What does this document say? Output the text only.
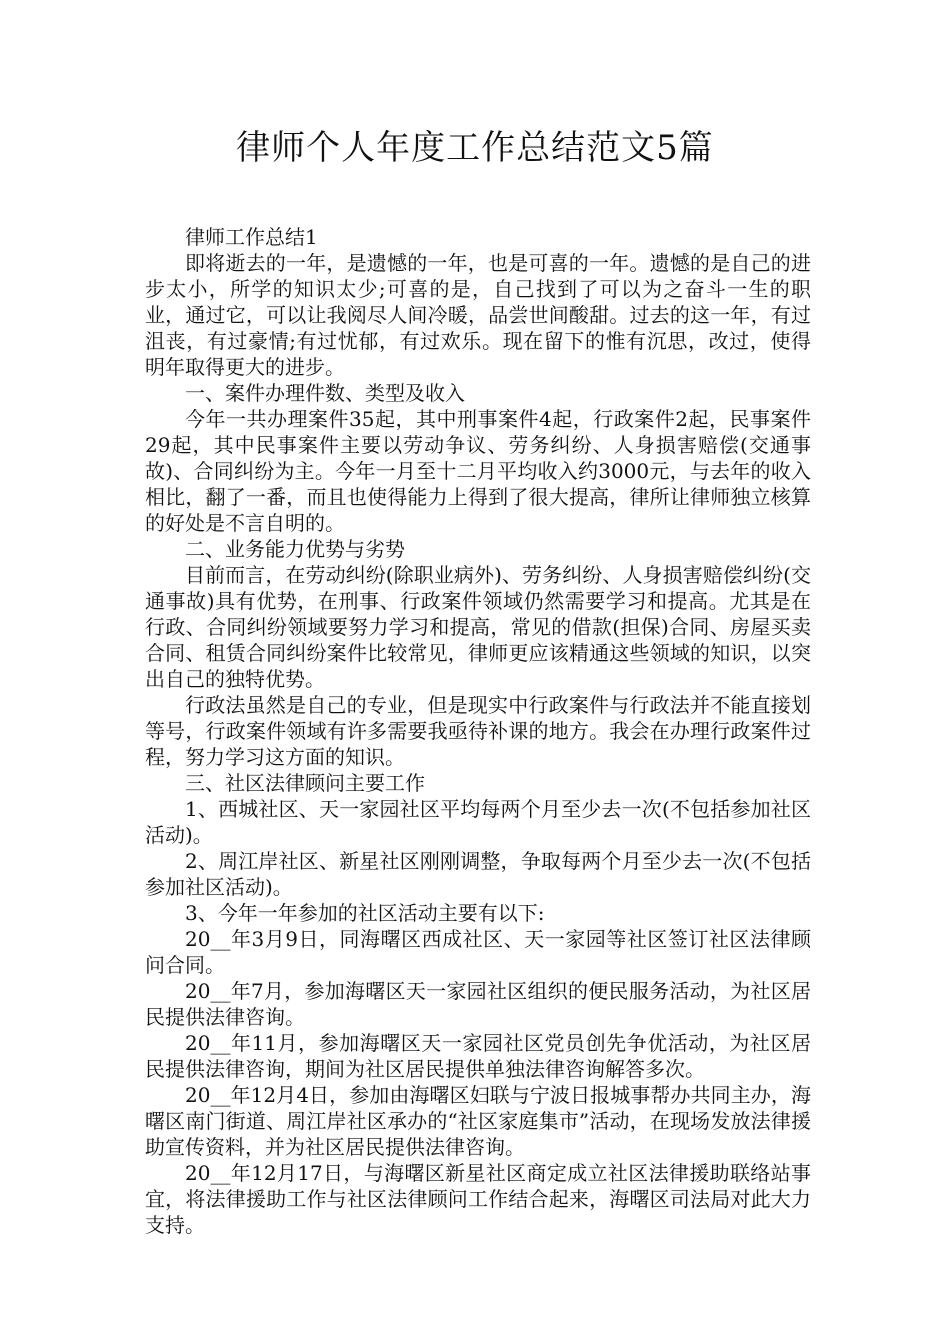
律师个人年度工作总结范文5篇

律师工作总结1

即将逝去的一年，是遗憾的一年，也是可喜的一年。遗憾的是自己的进步太小，所学的知识太少;可喜的是，自己找到了可以为之奋斗一生的职业，通过它，可以让我阅尽人间冷暖，品尝世间酸甜。过去的这一年，有过沮丧，有过豪情;有过忧郁，有过欢乐。现在留下的惟有沉思，改过，使得明年取得更大的进步。

一、案件办理件数、类型及收入

今年一共办理案件35起，其中刑事案件4起，行政案件2起，民事案件29起，其中民事案件主要以劳动争议、劳务纠纷、人身损害赔偿(交通事故)、合同纠纷为主。今年一月至十二月平均收入约3000元，与去年的收入相比，翻了一番，而且也使得能力上得到了很大提高，律所让律师独立核算的好处是不言自明的。

二、业务能力优势与劣势

目前而言，在劳动纠纷(除职业病外)、劳务纠纷、人身损害赔偿纠纷(交通事故)具有优势，在刑事、行政案件领域仍然需要学习和提高。尤其是在行政、合同纠纷领域要努力学习和提高，常见的借款(担保)合同、房屋买卖合同、租赁合同纠纷案件比较常见，律师更应该精通这些领域的知识，以突出自己的独特优势。

行政法虽然是自己的专业，但是现实中行政案件与行政法并不能直接划等号，行政案件领域有许多需要我亟待补课的地方。我会在办理行政案件过程，努力学习这方面的知识。

三、社区法律顾问主要工作

1、西城社区、天一家园社区平均每两个月至少去一次(不包括参加社区活动)。

2、周江岸社区、新星社区刚刚调整，争取每两个月至少去一次(不包括参加社区活动)。

3、今年一年参加的社区活动主要有以下:

20__年3月9日，同海曙区西成社区、天一家园等社区签订社区法律顾问合同。

20__年7月，参加海曙区天一家园社区组织的便民服务活动，为社区居民提供法律咨询。

20__年11月，参加海曙区天一家园社区党员创先争优活动，为社区居民提供法律咨询，期间为社区居民提供单独法律咨询解答多次。

20__年12月4日，参加由海曙区妇联与宁波日报城事帮办共同主办，海曙区南门街道、周江岸社区承办的“社区家庭集市”活动，在现场发放法律援助宣传资料，并为社区居民提供法律咨询。

20__年12月17日，与海曙区新星社区商定成立社区法律援助联络站事宜，将法律援助工作与社区法律顾问工作结合起来，海曙区司法局对此大力支持。
